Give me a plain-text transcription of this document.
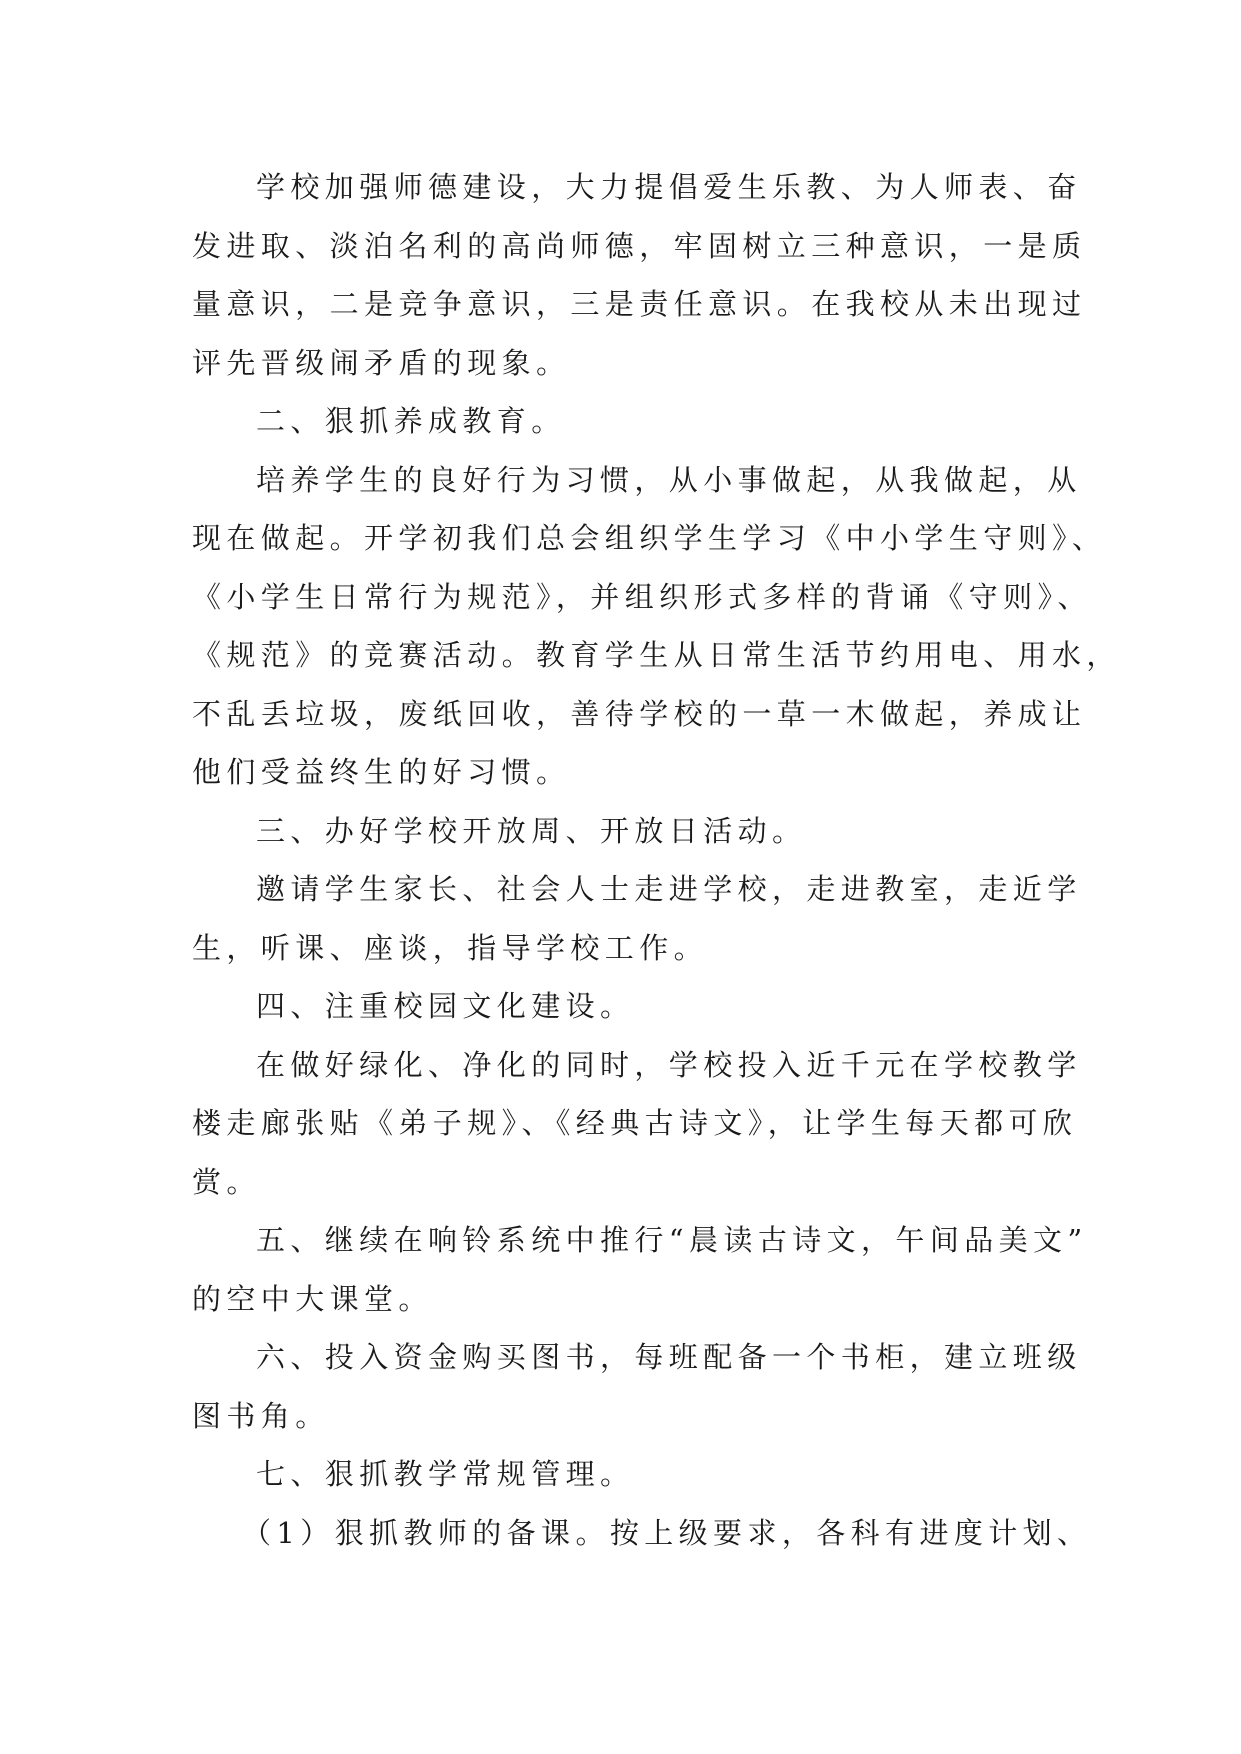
学校加强师德建设，大力提倡爱生乐教、为人师表、奋
发进取、淡泊名利的高尚师德，牢固树立三种意识，一是质
量意识，二是竞争意识，三是责任意识。在我校从未出现过
评先晋级闹矛盾的现象。
二、狠抓养成教育。
培养学生的良好行为习惯，从小事做起，从我做起，从
现在做起。开学初我们总会组织学生学习《中小学生守则》、
《小学生日常行为规范》，并组织形式多样的背诵《守则》、
《规范》的竞赛活动。教育学生从日常生活节约用电、用水，
不乱丢垃圾，废纸回收，善待学校的一草一木做起，养成让
他们受益终生的好习惯。
三、办好学校开放周、开放日活动。
邀请学生家长、社会人士走进学校，走进教室，走近学
生，听课、座谈，指导学校工作。
四、注重校园文化建设。
在做好绿化、净化的同时，学校投入近千元在学校教学
楼走廊张贴《弟子规》、《经典古诗文》，让学生每天都可欣
赏。
五、继续在响铃系统中推行“晨读古诗文，午间品美文”
的空中大课堂。
六、投入资金购买图书，每班配备一个书柜，建立班级
图书角。
七、狠抓教学常规管理。
（1）狠抓教师的备课。按上级要求，各科有进度计划、
